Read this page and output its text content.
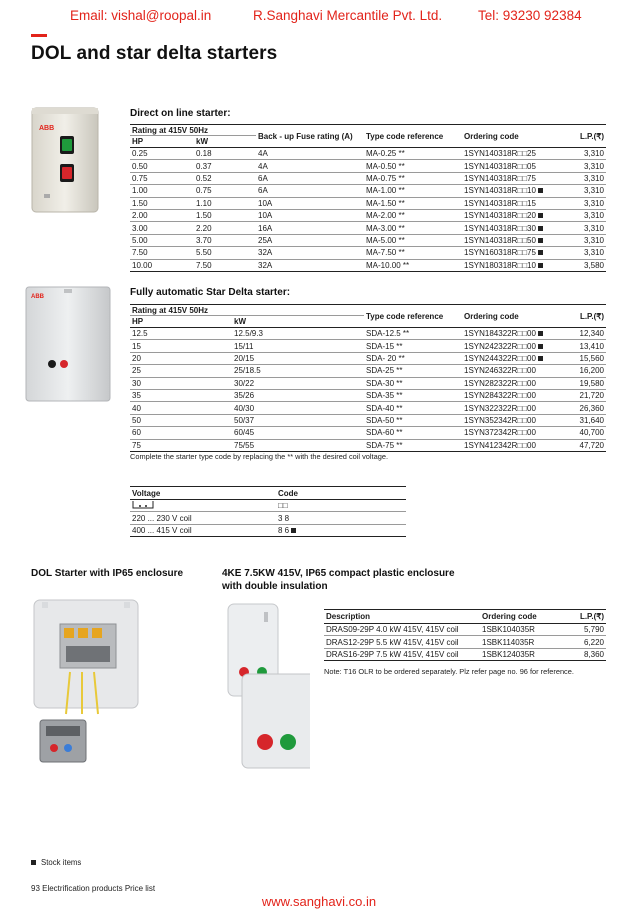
Email: vishal@roopal.in	R.Sanghavi Mercantile Pvt. Ltd.	Tel: 93230 92384
DOL and star delta starters
ABB
Direct on line starter:
Rating at 415V 50Hz		Back - up Fuse rating (A)	Type code reference	Ordering code	L.P.(₹)
HP	kW				
0.25	0.18	4A	MA-0.25 **	1SYN140318R□□25	3,310
0.50	0.37	4A	MA-0.50 **	1SYN140318R□□05	3,310
0.75	0.52	6A	MA-0.75 **	1SYN140318R□□75	3,310
1.00	0.75	6A	MA-1.00 **	1SYN140318R□□10	3,310
1.50	1.10	10A	MA-1.50 **	1SYN140318R□□15	3,310
2.00	1.50	10A	MA-2.00 **	1SYN140318R□□20	3,310
3.00	2.20	16A	MA-3.00 **	1SYN140318R□□30	3,310
5.00	3.70	25A	MA-5.00 **	1SYN140318R□□50	3,310
7.50	5.50	32A	MA-7.50 **	1SYN160318R□□75	3,310
10.00	7.50	32A	MA-10.00 **	1SYN180318R□□10	3,580
ABB	Fully automatic Star Delta starter:
Rating at 415V 50Hz		Type code reference	Ordering code	L.P.(₹)
HP	kW			
12.5	12.5/9.3	SDA-12.5 **	1SYN184322R□□00	12,340
15	15/11	SDA-15 **	1SYN242322R□□00	13,410
20	20/15	SDA- 20 **	1SYN244322R□□00	15,560
25	25/18.5	SDA-25 **	1SYN246322R□□00	16,200
30	30/22	SDA-30 **	1SYN282322R□□00	19,580
35	35/26	SDA-35 **	1SYN284322R□□00	21,720
40	40/30	SDA-40 **	1SYN322322R□□00	26,360
50	50/37	SDA-50 **	1SYN352342R□□00	31,640
60	60/45	SDA-60 **	1SYN372342R□□00	40,700
75	75/55	SDA-75 **	1SYN412342R□□00	47,720
Complete the starter type code by replacing the ** with the desired coil voltage.
Voltage	Code
	□□
220 ... 230 V coil	3 8
400 ... 415 V coil	8 6
DOL Starter with IP65 enclosure	4KE 7.5KW 415V, IP65 compact plastic enclosure
with double insulation
Description	Ordering code	L.P.(₹)
DRAS09-29P 4.0 kW 415V, 415V coil	1SBK104035R	5,790
DRAS12-29P 5.5 kW 415V, 415V coil	1SBK114035R	6,220
DRAS16-29P 7.5 kW 415V, 415V coil	1SBK124035R	8,360
Note: T16 OLR to be ordered separately. Plz refer page no. 96 for reference.
Stock items
93 Electrification products Price list
www.sanghavi.co.in
